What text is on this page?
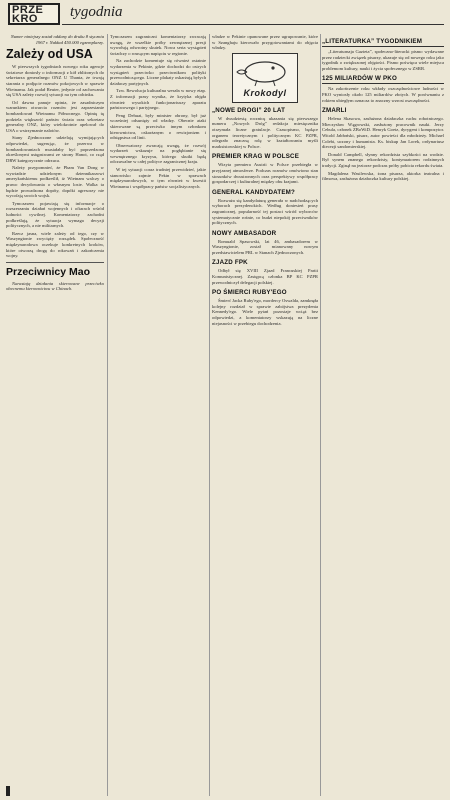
PRZE KRO	tygodnia

Numer niniejszy został oddany do druku 8 stycznia 1967 r. Nakład 450.000 egzemplarzy.

Zależy od USA

W pierwszych tygodniach nowego roku agencje światowe doniosły o informacji z kół zbliżonych do sekretarza generalnego ONZ U Thanta, że trwają starania o podjęcie rozmów pokojowych w sprawie Wietnamu. Jak podał Reuter, jedynie od zachowania się USA zależy rozwój sytuacji na tym odcinku.

Od dawna panuje opinia, że zasadniczym warunkiem otwarcia rozmów jest zaprzestanie bombardowań Wietnamu Północnego. Opinię tę podziela większość państw świata oraz sekretarz generalny ONZ, który wielokrotnie apelował do USA o wstrzymanie nalotów.

Stany Zjednoczone udzielają wymijających odpowiedzi, sugerując, że przerwa w bombardowaniach musiałaby być poprzedzona określonymi ustępstwami ze strony Hanoi, co rząd DRW kategorycznie odrzuca.

Należy przypomnieć, że Pham Van Dong w wywiadzie udzielonym dziennikarzowi amerykańskiemu podkreślił, iż Wietnam walczy o prawo decydowania o własnym losie. Walka ta będzie prowadzona dopóty, dopóki agresorzy nie wycofają swoich wojsk.

Tymczasem pojawiają się informacje o rozszerzaniu działań wojennych i ofiarach wśród ludności cywilnej. Komentatorzy zachodni podkreślają, że sytuacja wymaga decyzji politycznych, a nie militarnych.

Rzecz jasna, wiele zależy od tego, czy w Waszyngtonie zwycięży rozsądek. Społeczność międzynarodowa oczekuje konkretnych kroków, które otworzą drogę do rokowań i zakończenia wojny.

Przeciwnicy Mao

Narastają działania skierowane przeciwko obecnemu kierownictwu w Chinach.

Tymczasem zagraniczni komentatorzy zwracają uwagę, że wszelkie próby zewnętrznej presji wywołują odwrotny skutek. Nowa seria wystąpień świadczy o rosnącym napięciu w regionie.

Na zachodzie komentuje się również ostatnie wydarzenia w Pekinie, gdzie dochodzi do ostrych wystąpień przeciwko przeciwnikom polityki przewodniczącego. Liczne plakaty oskarżają byłych działaczy partyjnych.

Tzw. Rewolucja kulturalna weszła w nowy etap. Z informacji prasy wynika, że krytyka objęła również wysokich funkcjonariuszy aparatu państwowego i partyjnego.

Peng Dehuai, były minister obrony, był już wcześniej odsunięty od władzy. Obecnie ataki skierowane są przeciwko innym członkom kierownictwa, oskarżanym o rewizjonizm i odstępstwa od linii.

Obserwatorzy zwracają uwagę, że rozwój wydarzeń wskazuje na pogłębianie się wewnętrznego kryzysu, którego skutki będą odczuwalne w całej polityce zagranicznej kraju.

W tej sytuacji coraz trudniej przewidzieć, jakie stanowisko zajmie Pekin w sprawach międzynarodowych, w tym również w kwestii Wietnamu i współpracy państw socjalistycznych.

władze w Pekinie opanowane przez ugrupowanie, które w Szanghaju kierowało przygotowaniami do objęcia władzy.

Krokodyl
„NOWE DROGI” 20 LAT

W dwudziestą rocznicę ukazania się pierwszego numeru „Nowych Dróg” redakcja miesięcznika otrzymała liczne gratulacje. Czasopismo, będące organem teoretycznym i politycznym KC PZPR, odegrało znaczną rolę w kształtowaniu myśli marksistowskiej w Polsce.

PREMIER KRAG W POLSCE

Wizyta premiera Austrii w Polsce przebiegła w przyjaznej atmosferze. Podczas rozmów omówiono stan stosunków dwustronnych oraz perspektywy współpracy gospodarczej i kulturalnej między obu krajami.

GENERAL KANDYDATEM?

Rozważa się kandydaturę generała w nadchodzących wyborach prezydenckich. Według doniesień prasy zagranicznej, popularność tej postaci wśród wyborców systematycznie rośnie, co budzi niepokój przeciwników politycznych.

NOWY AMBASADOR

Romuald Spasowski, lat 46, ambasadorem w Waszyngtonie, został mianowany nowym przedstawicielem PRL w Stanach Zjednoczonych.

ZJAZD FPK

Odbył się XVIII Zjazd Francuskiej Partii Komunistycznej. Zastępcą członka BP KC PZPR przewodniczył delegacji polskiej.

PO ŚMIERCI RUBY'EGO

Śmierć Jacka Ruby'ego, mordercy Oswalda, zamknęła kolejny rozdział w sprawie zabójstwa prezydenta Kennedy'ego. Wiele pytań pozostaje wciąż bez odpowiedzi, a komentatorzy wskazują na liczne niejasności w przebiegu dochodzenia.

„LITERATURKA” TYGODNIKIEM

„Literaturnaja Gazieta”, społeczno-literacki pismo wydawane przez radziecki związek pisarzy, ukazuje się od nowego roku jako tygodnik o zwiększonej objętości. Pismo poświęca wiele miejsca problemom kultury, nauki i życia społecznego w ZSRR.

125 MILIARDÓW W PKO

Na zakończenie roku wkłady oszczędnościowe ludności w PKO wyniosły około 125 miliardów złotych. W porównaniu z rokiem ubiegłym oznacza to znaczny wzrost oszczędności.

ZMARLI

Helena Skasowa, zasłużona działaczka ruchu robotniczego. Mieczysław Wągrowski, zasłużony pracownik nauki. Jerzy Cebula, członek ZBoWiD. Henryk Goetz, dyrygent i kompozytor. Witold Jabłoński, pisarz, autor powieści dla młodzieży. Michael Colebi, uczony i humanista. Ks. biskup Jan Lorek, ordynariusz diecezji sandomierskiej.

Donald Campbell, słynny rekordzista szybkości na wodzie. Był synem znanego rekordzisty, kontynuatorem rodzinnych tradycji. Zginął na jeziorze podczas próby pobicia rekordu świata.

Magdalena Wasilewska, żona pisarza, aktorka teatralna i filmowa, zasłużona działaczka kultury polskiej.
